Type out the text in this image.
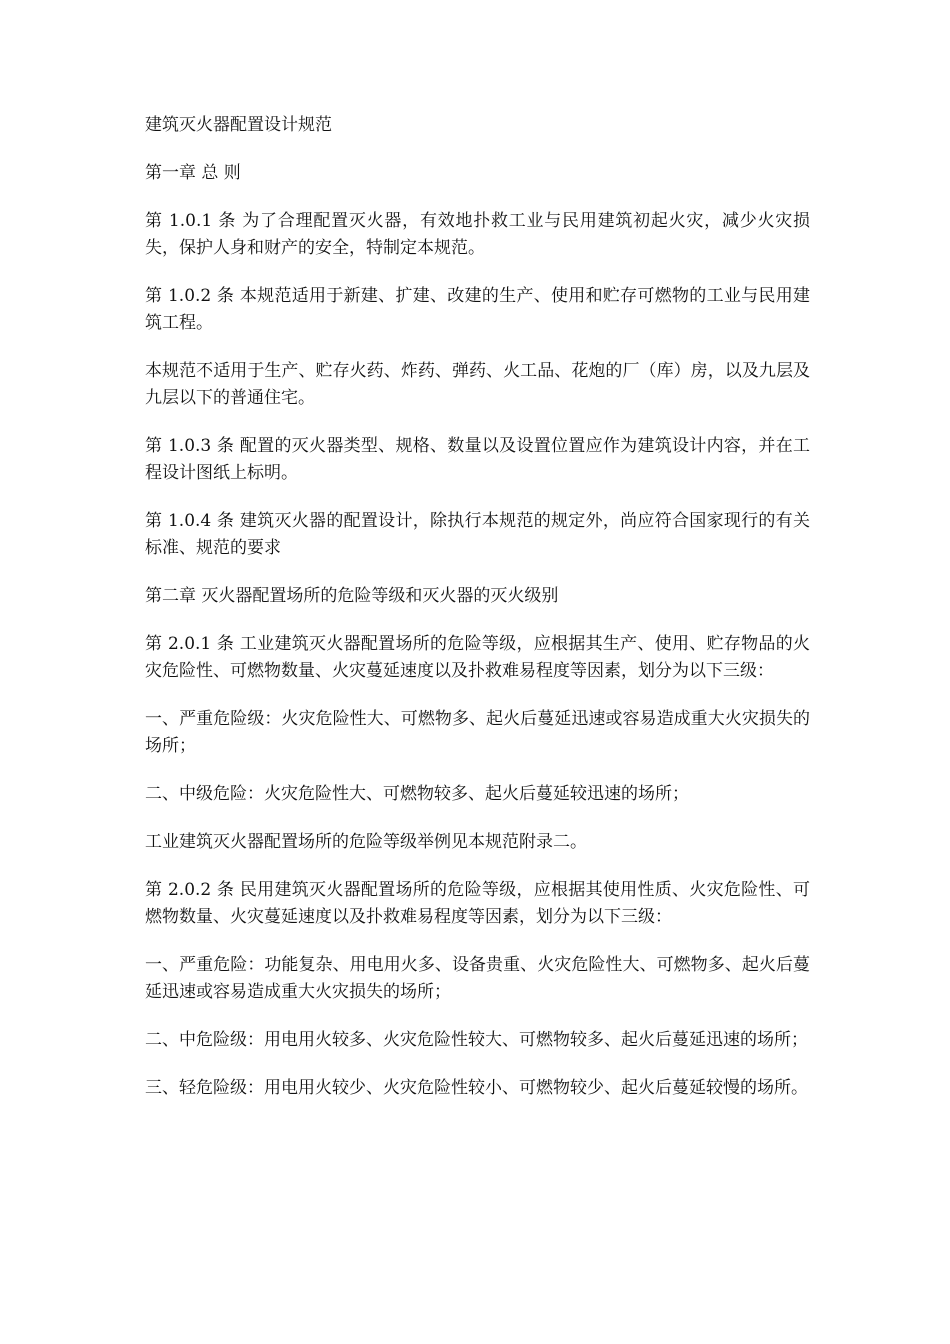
建筑灭火器配置设计规范

第一章 总 则

第 1.0.1 条 为了合理配置灭火器，有效地扑救工业与民用建筑初起火灾，减少火灾损失，保护人身和财产的安全，特制定本规范。

第 1.0.2 条 本规范适用于新建、扩建、改建的生产、使用和贮存可燃物的工业与民用建筑工程。

本规范不适用于生产、贮存火药、炸药、弹药、火工品、花炮的厂（库）房，以及九层及九层以下的普通住宅。

第 1.0.3 条 配置的灭火器类型、规格、数量以及设置位置应作为建筑设计内容，并在工程设计图纸上标明。

第 1.0.4 条 建筑灭火器的配置设计，除执行本规范的规定外，尚应符合国家现行的有关标准、规范的要求

第二章 灭火器配置场所的危险等级和灭火器的灭火级别

第 2.0.1 条 工业建筑灭火器配置场所的危险等级，应根据其生产、使用、贮存物品的火灾危险性、可燃物数量、火灾蔓延速度以及扑救难易程度等因素，划分为以下三级：

一、严重危险级：火灾危险性大、可燃物多、起火后蔓延迅速或容易造成重大火灾损失的场所；

二、中级危险：火灾危险性大、可燃物较多、起火后蔓延较迅速的场所；

工业建筑灭火器配置场所的危险等级举例见本规范附录二。

第 2.0.2 条 民用建筑灭火器配置场所的危险等级，应根据其使用性质、火灾危险性、可燃物数量、火灾蔓延速度以及扑救难易程度等因素，划分为以下三级：

一、严重危险：功能复杂、用电用火多、设备贵重、火灾危险性大、可燃物多、起火后蔓延迅速或容易造成重大火灾损失的场所；

二、中危险级：用电用火较多、火灾危险性较大、可燃物较多、起火后蔓延迅速的场所；

三、轻危险级：用电用火较少、火灾危险性较小、可燃物较少、起火后蔓延较慢的场所。
